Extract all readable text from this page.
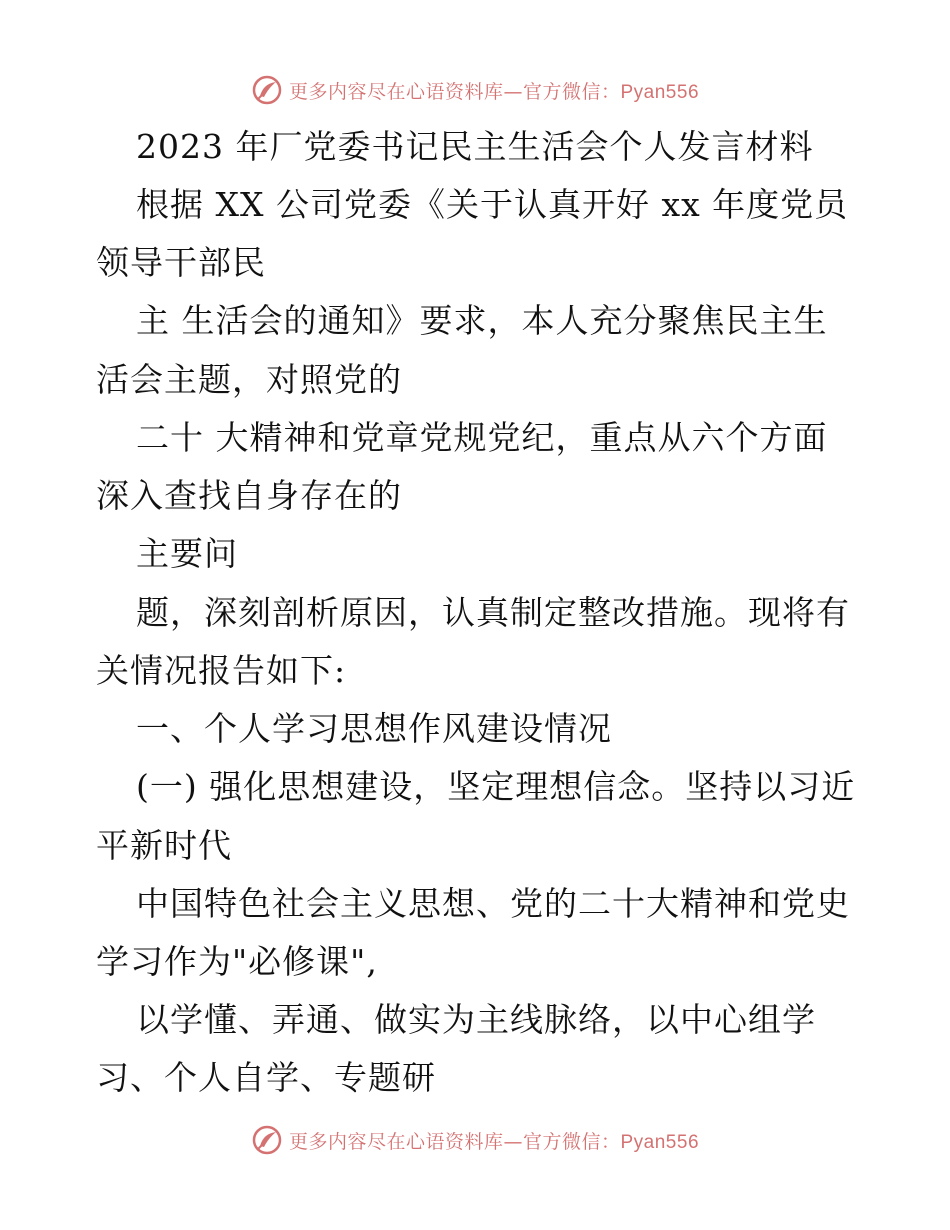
更多内容尽在心语资料库—官方微信：Pyan556
2023 年厂党委书记民主生活会个人发言材料
根据 XX 公司党委《关于认真开好 xx 年度党员
领导干部民
主 生活会的通知》要求，本人充分聚焦民主生
活会主题，对照党的
二十 大精神和党章党规党纪，重点从六个方面
深入查找自身存在的
主要问
题，深刻剖析原因，认真制定整改措施。现将有
关情况报告如下:
一、个人学习思想作风建设情况
(一) 强化思想建设，坚定理想信念。坚持以习近
平新时代
中国特色社会主义思想、党的二十大精神和党史
学习作为"必修课",
以学懂、弄通、做实为主线脉络，以中心组学
习、个人自学、专题研
更多内容尽在心语资料库—官方微信：Pyan556
